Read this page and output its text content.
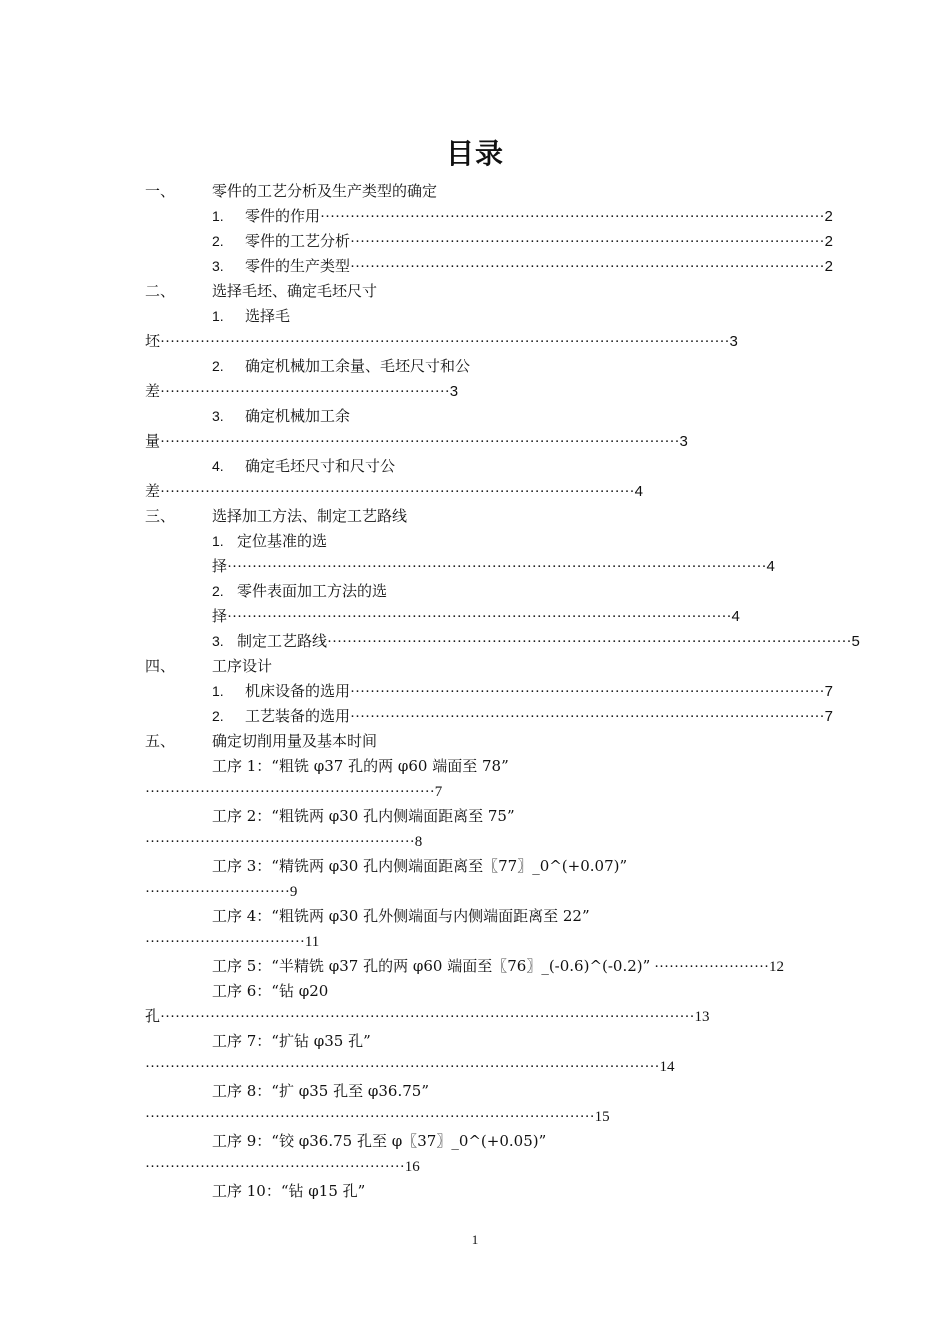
目录
一、 零件的工艺分析及生产类型的确定
1. 零件的作用·····································································································2
2. 零件的工艺分析·······························································································2
3. 零件的生产类型·······························································································2
二、 选择毛坯、确定毛坯尺寸
1. 选择毛
坯··················································································································3
2. 确定机械加工余量、毛坯尺寸和公
差··························································3
3. 确定机械加工余
量········································································································3
4. 确定毛坯尺寸和尺寸公
差·······························································································4
三、 选择加工方法、制定工艺路线
1. 定位基准的选
择············································································································4
2. 零件表面加工方法的选
择·····································································································4
3. 制定工艺路线·········································································································5
四、 工序设计
1. 机床设备的选用·······························································································7
2. 工艺装备的选用·······························································································7
五、 确定切削用量及基本时间
工序 1：“粗铣 φ37 孔的两 φ60 端面至 78”
··························································7
工序 2：“粗铣两 φ30 孔内侧端面距离至 75”
······················································8
工序 3：“精铣两 φ30 孔内侧端面距离至〖77〗_0^(+0.07)”
·····························9
工序 4：“粗铣两 φ30 孔外侧端面与内侧端面距离至 22”
································11
工序 5：“半精铣 φ37 孔的两 φ60 端面至〖76〗_(-0.6)^(-0.2)” ·······················12
工序 6：“钻 φ20
孔···········································································································13
工序 7：“扩钻 φ35 孔”
·······································································································14
工序 8：“扩 φ35 孔至 φ36.75”
··························································································15
工序 9：“铰 φ36.75 孔至 φ〖37〗_0^(+0.05)”
····················································16
工序 10：“钻 φ15 孔”
1
